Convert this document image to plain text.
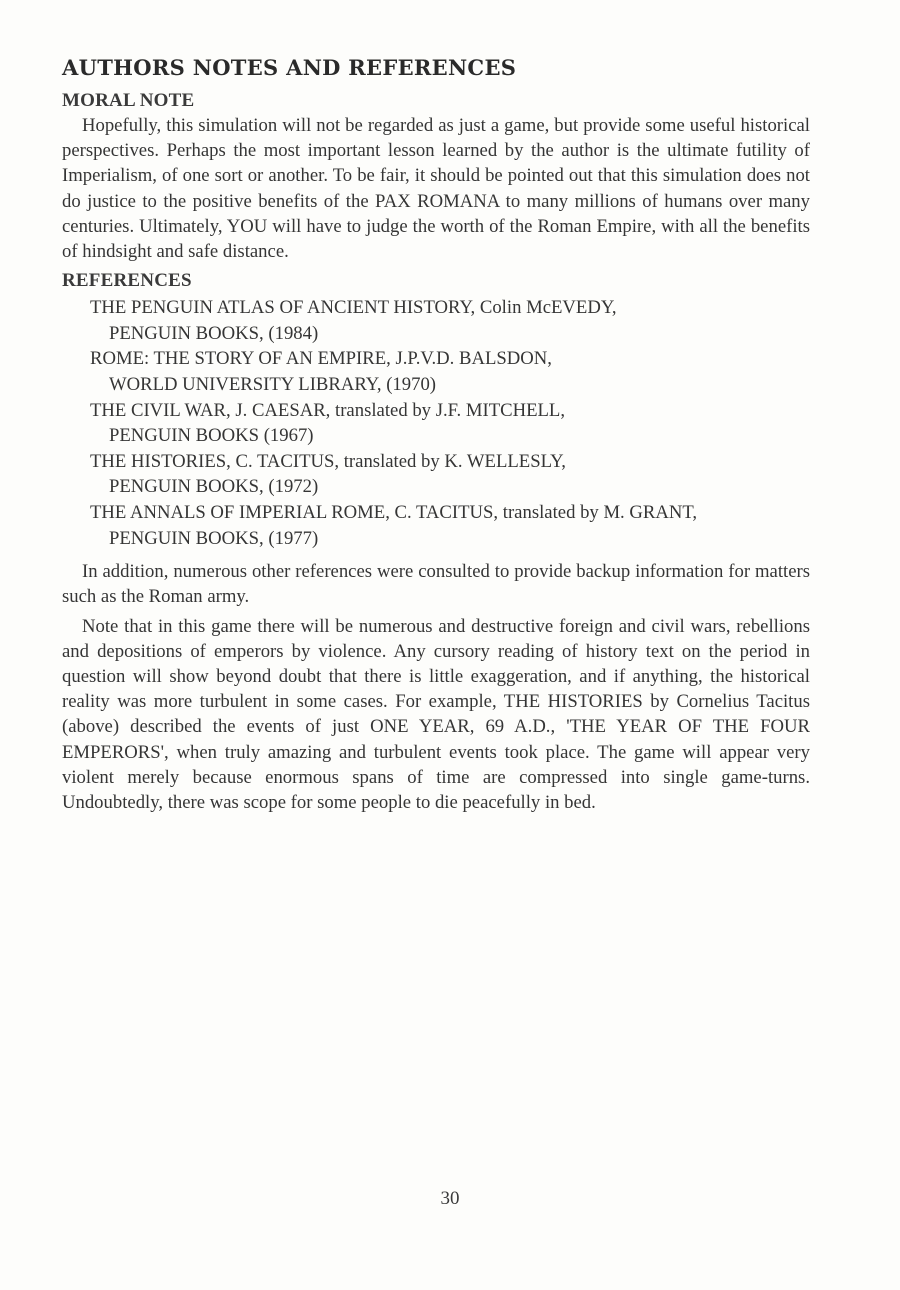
AUTHORS NOTES AND REFERENCES
MORAL NOTE

Hopefully, this simulation will not be regarded as just a game, but provide some useful historical perspectives. Perhaps the most important lesson learned by the author is the ultimate futility of Imperialism, of one sort or another. To be fair, it should be pointed out that this simulation does not do justice to the positive benefits of the PAX ROMANA to many millions of humans over many centuries. Ultimately, YOU will have to judge the worth of the Roman Empire, with all the benefits of hindsight and safe distance.

REFERENCES
THE PENGUIN ATLAS OF ANCIENT HISTORY, Colin McEVEDY,
PENGUIN BOOKS, (1984)
ROME: THE STORY OF AN EMPIRE, J.P.V.D. BALSDON,
WORLD UNIVERSITY LIBRARY, (1970)
THE CIVIL WAR, J. CAESAR, translated by J.F. MITCHELL,
PENGUIN BOOKS (1967)
THE HISTORIES, C. TACITUS, translated by K. WELLESLY,
PENGUIN BOOKS, (1972)
THE ANNALS OF IMPERIAL ROME, C. TACITUS, translated by M. GRANT,
PENGUIN BOOKS, (1977)

In addition, numerous other references were consulted to provide backup information for matters such as the Roman army.

Note that in this game there will be numerous and destructive foreign and civil wars, rebellions and depositions of emperors by violence. Any cursory reading of history text on the period in question will show beyond doubt that there is little exaggeration, and if anything, the historical reality was more turbulent in some cases. For example, THE HISTORIES by Cornelius Tacitus (above) described the events of just ONE YEAR, 69 A.D., 'THE YEAR OF THE FOUR EMPERORS', when truly amazing and turbulent events took place. The game will appear very violent merely because enormous spans of time are compressed into single game-turns. Undoubtedly, there was scope for some people to die peacefully in bed.

30
